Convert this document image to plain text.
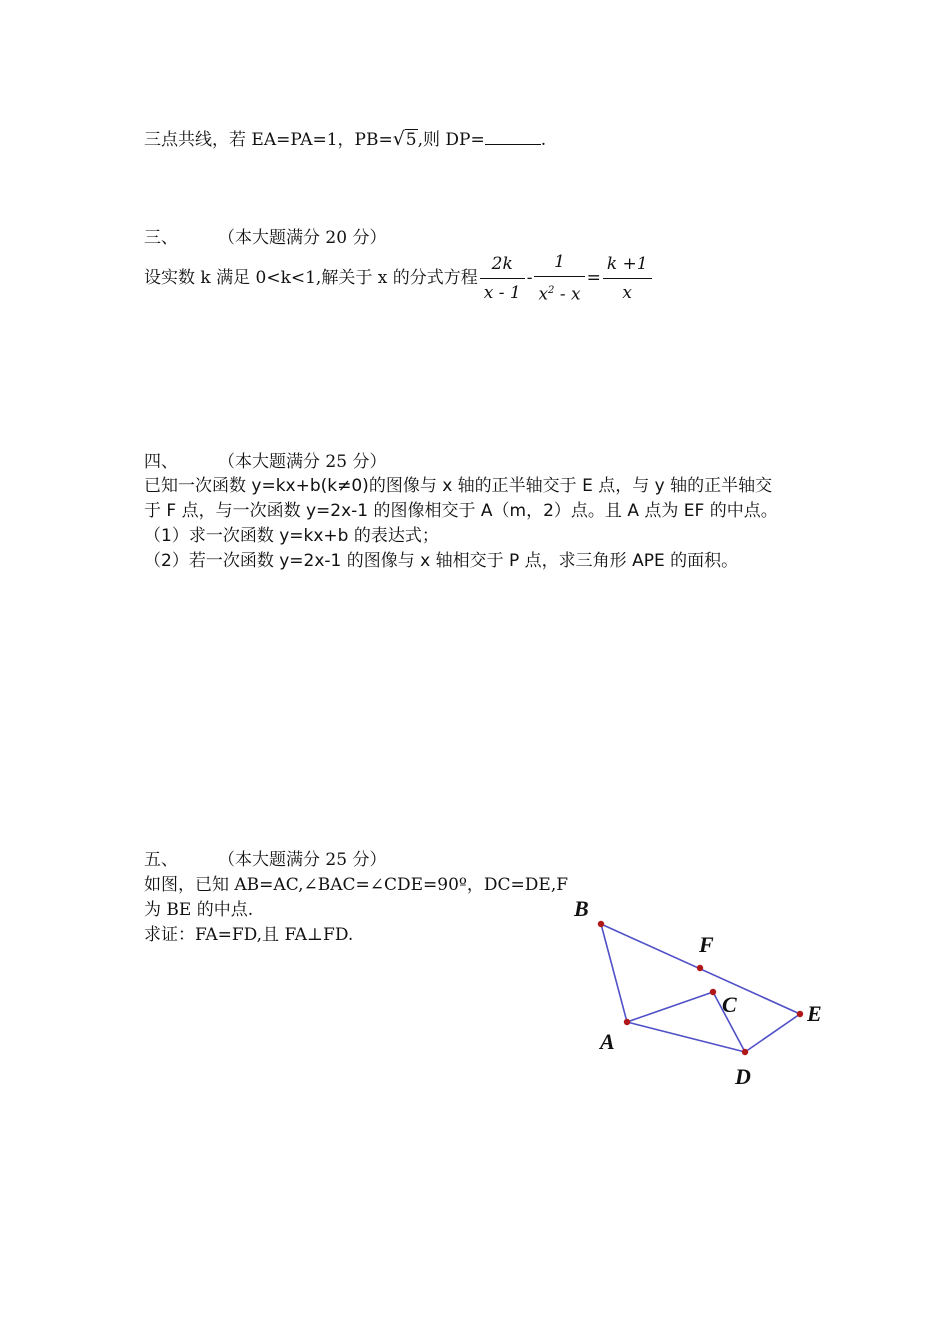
三点共线，若 EA=PA=1，PB= √ 5,则 DP=	.
三、 （本大题满分 20 分）
设实数 k 满足 0<k<1,解关于 x 的分式方程 $\frac{2k}{x - 1} - \frac{1}{x^2 - x} = \frac{k +1}{x}$
四、 （本大题满分 25 分）
已知一次函数 y=kx+b(k≠0)的图像与 x 轴的正半轴交于 E 点，与 y 轴的正半轴交
于 F 点，与一次函数 y=2x-1 的图像相交于 A（m，2）点。且 A 点为 EF 的中点。
（1）求一次函数 y=kx+b 的表达式；
（2）若一次函数 y=2x-1 的图像与 x 轴相交于 P 点，求三角形 APE 的面积。
五、 （本大题满分 25 分）
如图，已知 AB=AC,∠BAC=∠CDE=90º，DC=DE,F
为 BE 的中点.
求证：FA=FD,且 FA⊥FD.
B
F
C	E
A
D
